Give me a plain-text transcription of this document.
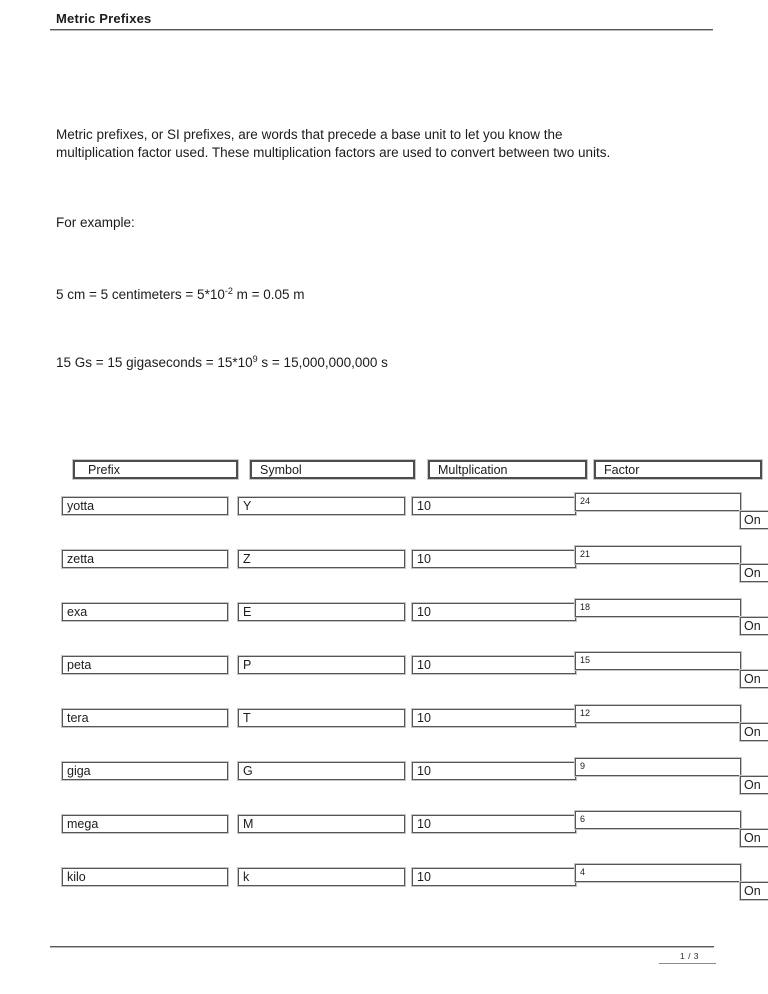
Metric Prefixes
Metric prefixes, or SI prefixes, are words that precede a base unit to let you know the
multiplication factor used. These multiplication factors are used to convert between two units.
For example:
5 cm = 5 centimeters = $5*10^{-2}$ m = 0.05 m
15 Gs = 15 gigaseconds = $15*10^9$ s = 15,000,000,000 s
Prefix	Symbol	Multplication	Factor
yotta	Y	10	24
On
zetta	Z	10	21
On
exa	E	10	18
On
peta	P	10	15
On
tera	T	10	12
On
giga	G	10	9
On
mega	M	10	6
On
kilo	k	10	4
On
1 / 3
